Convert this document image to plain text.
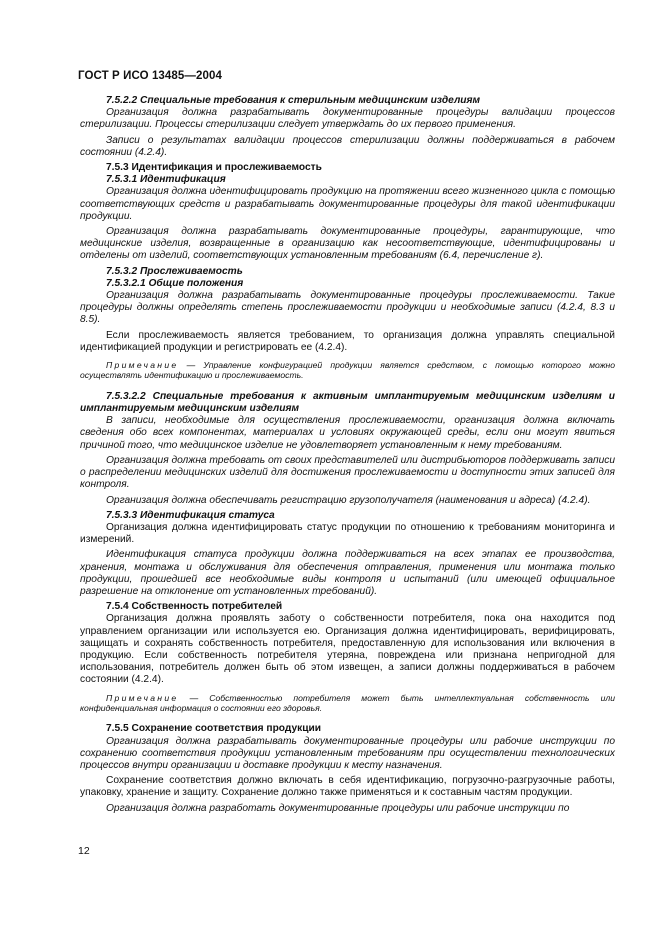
ГОСТ Р ИСО 13485—2004

7.5.2.2 Специальные требования к стерильным медицинским изделиям

Организация должна разрабатывать документированные процедуры валидации процессов стерилизации. Процессы стерилизации следует утверждать до их первого применения.

Записи о результатах валидации процессов стерилизации должны поддерживаться в рабочем состоянии (4.2.4).

7.5.3 Идентификация и прослеживаемость

7.5.3.1 Идентификация

Организация должна идентифицировать продукцию на протяжении всего жизненного цикла с помощью соответствующих средств и разрабатывать документированные процедуры для такой идентификации продукции.

Организация должна разрабатывать документированные процедуры, гарантирующие, что медицинские изделия, возвращенные в организацию как несоответствующие, идентифицированы и отделены от изделий, соответствующих установленным требованиям (6.4, перечисление г).

7.5.3.2 Прослеживаемость

7.5.3.2.1 Общие положения

Организация должна разрабатывать документированные процедуры прослеживаемости. Такие процедуры должны определять степень прослеживаемости продукции и необходимые записи (4.2.4, 8.3 и 8.5).

Если прослеживаемость является требованием, то организация должна управлять специальной идентификацией продукции и регистрировать ее (4.2.4).

Примечание — Управление конфигурацией продукции является средством, с помощью которого можно осуществлять идентификацию и прослеживаемость.

7.5.3.2.2 Специальные требования к активным имплантируемым медицинским изделиям и имплантируемым медицинским изделиям

В записи, необходимые для осуществления прослеживаемости, организация должна включать сведения обо всех компонентах, материалах и условиях окружающей среды, если они могут явиться причиной того, что медицинское изделие не удовлетворяет установленным к нему требованиям.

Организация должна требовать от своих представителей или дистрибьюторов поддерживать записи о распределении медицинских изделий для достижения прослеживаемости и доступности этих записей для контроля.

Организация должна обеспечивать регистрацию грузополучателя (наименования и адреса) (4.2.4).

7.5.3.3 Идентификация статуса

Организация должна идентифицировать статус продукции по отношению к требованиям мониторинга и измерений.

Идентификация статуса продукции должна поддерживаться на всех этапах ее производства, хранения, монтажа и обслуживания для обеспечения отправления, применения или монтажа только продукции, прошедшей все необходимые виды контроля и испытаний (или имеющей официальное разрешение на отклонение от установленных требований).

7.5.4 Собственность потребителей

Организация должна проявлять заботу о собственности потребителя, пока она находится под управлением организации или используется ею. Организация должна идентифицировать, верифицировать, защищать и сохранять собственность потребителя, предоставленную для использования или включения в продукцию. Если собственность потребителя утеряна, повреждена или признана непригодной для использования, потребитель должен быть об этом извещен, а записи должны поддерживаться в рабочем состоянии (4.2.4).

Примечание — Собственностью потребителя может быть интеллектуальная собственность или конфиденциальная информация о состоянии его здоровья.

7.5.5 Сохранение соответствия продукции

Организация должна разрабатывать документированные процедуры или рабочие инструкции по сохранению соответствия продукции установленным требованиям при осуществлении технологических процессов внутри организации и доставке продукции к месту назначения.

Сохранение соответствия должно включать в себя идентификацию, погрузочно-разгрузочные работы, упаковку, хранение и защиту. Сохранение должно также применяться и к составным частям продукции.

Организация должна разработать документированные процедуры или рабочие инструкции по

12
